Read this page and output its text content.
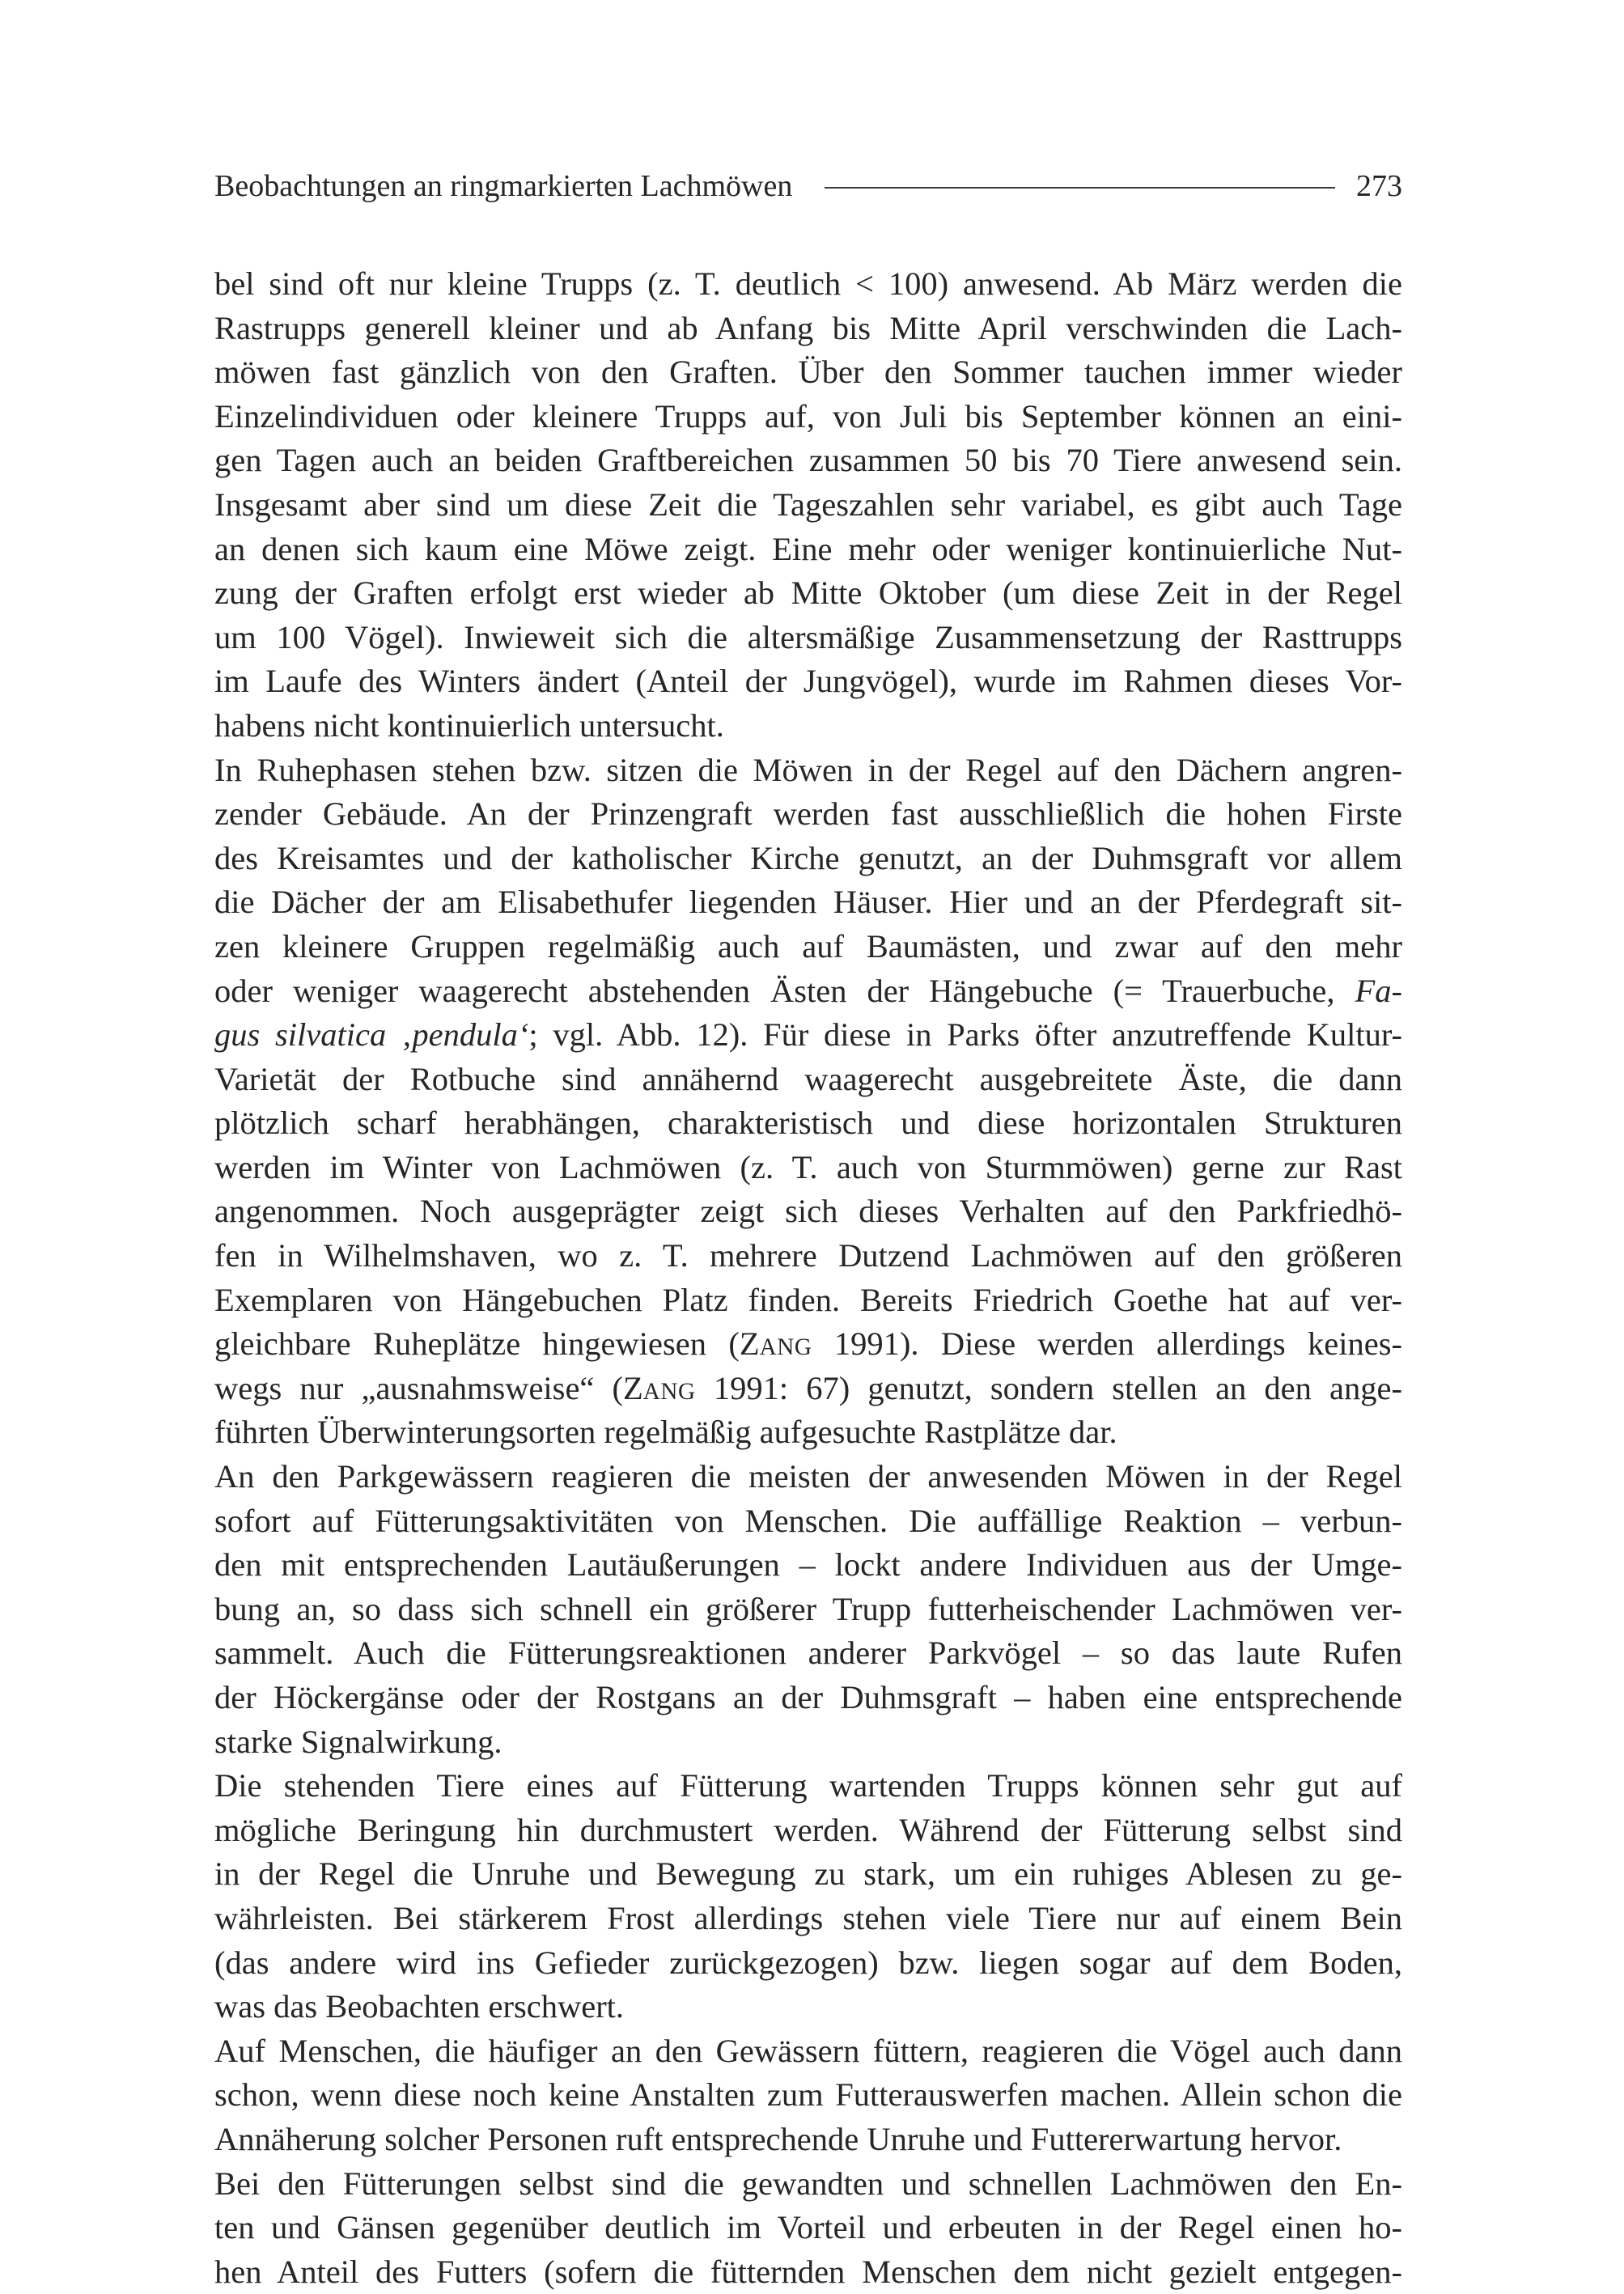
Beobachtungen an ringmarkierten Lachmöwen	273
bel sind oft nur kleine Trupps (z. T. deutlich < 100) anwesend. Ab März werden die
Rastrupps generell kleiner und ab Anfang bis Mitte April verschwinden die Lach-
möwen fast gänzlich von den Graften. Über den Sommer tauchen immer wieder
Einzelindividuen oder kleinere Trupps auf, von Juli bis September können an eini-
gen Tagen auch an beiden Graftbereichen zusammen 50 bis 70 Tiere anwesend sein.
Insgesamt aber sind um diese Zeit die Tageszahlen sehr variabel, es gibt auch Tage
an denen sich kaum eine Möwe zeigt. Eine mehr oder weniger kontinuierliche Nut-
zung der Graften erfolgt erst wieder ab Mitte Oktober (um diese Zeit in der Regel
um 100 Vögel). Inwieweit sich die altersmäßige Zusammensetzung der Rasttrupps
im Laufe des Winters ändert (Anteil der Jungvögel), wurde im Rahmen dieses Vor-
habens nicht kontinuierlich untersucht.
In Ruhephasen stehen bzw. sitzen die Möwen in der Regel auf den Dächern angren-
zender Gebäude. An der Prinzengraft werden fast ausschließlich die hohen Firste
des Kreisamtes und der katholischer Kirche genutzt, an der Duhmsgraft vor allem
die Dächer der am Elisabethufer liegenden Häuser. Hier und an der Pferdegraft sit-
zen kleinere Gruppen regelmäßig auch auf Baumästen, und zwar auf den mehr
oder weniger waagerecht abstehenden Ästen der Hängebuche (= Trauerbuche, Fa-
gus silvatica ‚pendula‘; vgl. Abb. 12). Für diese in Parks öfter anzutreffende Kultur-
Varietät der Rotbuche sind annähernd waagerecht ausgebreitete Äste, die dann
plötzlich scharf herabhängen, charakteristisch und diese horizontalen Strukturen
werden im Winter von Lachmöwen (z. T. auch von Sturmmöwen) gerne zur Rast
angenommen. Noch ausgeprägter zeigt sich dieses Verhalten auf den Parkfriedhö-
fen in Wilhelmshaven, wo z. T. mehrere Dutzend Lachmöwen auf den größeren
Exemplaren von Hängebuchen Platz finden. Bereits Friedrich Goethe hat auf ver-
gleichbare Ruheplätze hingewiesen (ZANG 1991). Diese werden allerdings keines-
wegs nur „ausnahmsweise“ (ZANG 1991: 67) genutzt, sondern stellen an den ange-
führten Überwinterungsorten regelmäßig aufgesuchte Rastplätze dar.
An den Parkgewässern reagieren die meisten der anwesenden Möwen in der Regel
sofort auf Fütterungsaktivitäten von Menschen. Die auffällige Reaktion – verbun-
den mit entsprechenden Lautäußerungen – lockt andere Individuen aus der Umge-
bung an, so dass sich schnell ein größerer Trupp futterheischender Lachmöwen ver-
sammelt. Auch die Fütterungsreaktionen anderer Parkvögel – so das laute Rufen
der Höckergänse oder der Rostgans an der Duhmsgraft – haben eine entsprechende
starke Signalwirkung.
Die stehenden Tiere eines auf Fütterung wartenden Trupps können sehr gut auf
mögliche Beringung hin durchmustert werden. Während der Fütterung selbst sind
in der Regel die Unruhe und Bewegung zu stark, um ein ruhiges Ablesen zu ge-
währleisten. Bei stärkerem Frost allerdings stehen viele Tiere nur auf einem Bein
(das andere wird ins Gefieder zurückgezogen) bzw. liegen sogar auf dem Boden,
was das Beobachten erschwert.
Auf Menschen, die häufiger an den Gewässern füttern, reagieren die Vögel auch dann
schon, wenn diese noch keine Anstalten zum Futterauswerfen machen. Allein schon die
Annäherung solcher Personen ruft entsprechende Unruhe und Futtererwartung hervor.
Bei den Fütterungen selbst sind die gewandten und schnellen Lachmöwen den En-
ten und Gänsen gegenüber deutlich im Vorteil und erbeuten in der Regel einen ho-
hen Anteil des Futters (sofern die fütternden Menschen dem nicht gezielt entgegen-
